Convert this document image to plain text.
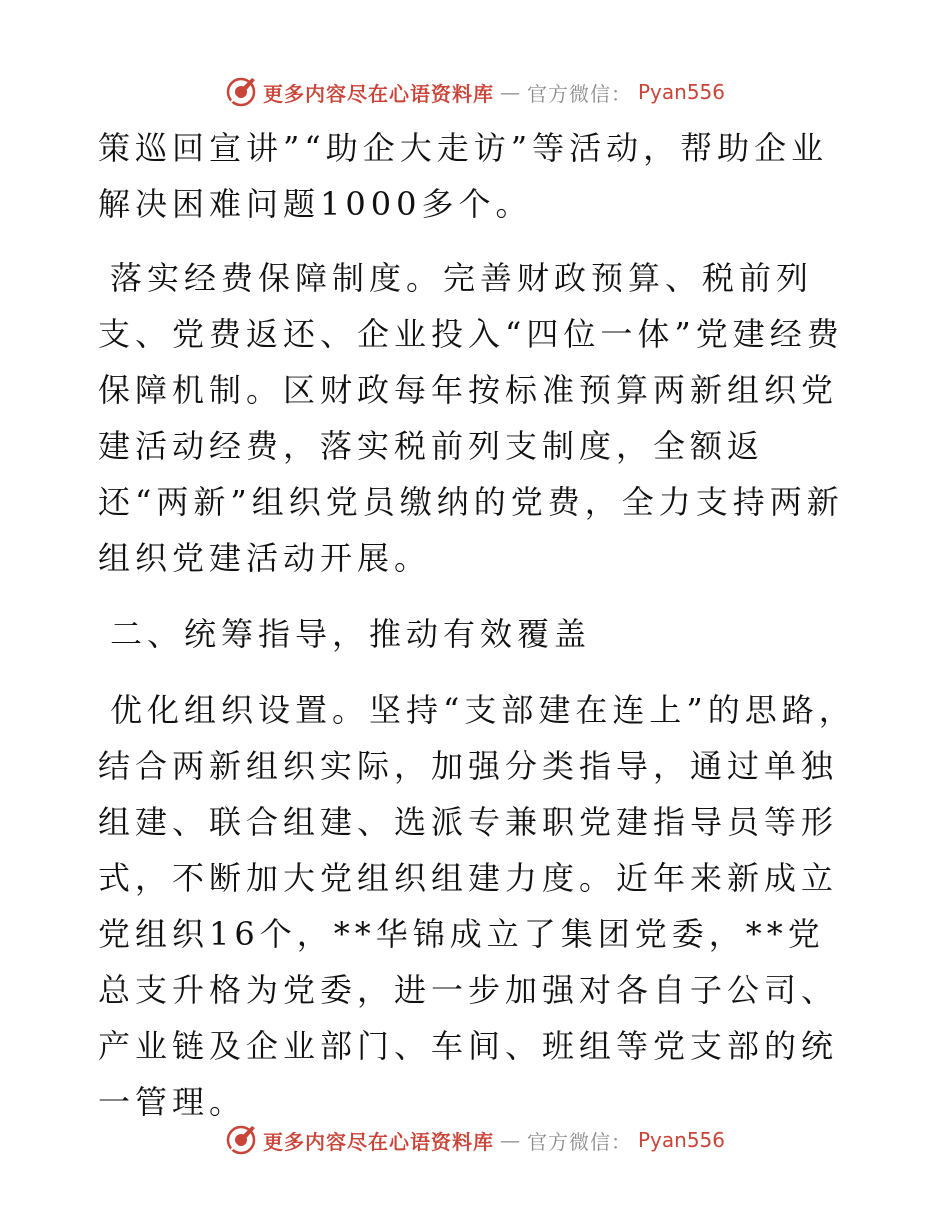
更多内容尽在心语资料库 — 官方微信： Pyan556

策巡回宣讲”“助企大走访”等活动，帮助企业解决困难问题1000多个。

落实经费保障制度。完善财政预算、税前列支、党费返还、企业投入“四位一体”党建经费保障机制。区财政每年按标准预算两新组织党建活动经费，落实税前列支制度，全额返还“两新”组织党员缴纳的党费，全力支持两新组织党建活动开展。

二、统筹指导，推动有效覆盖

优化组织设置。坚持“支部建在连上”的思路，结合两新组织实际，加强分类指导，通过单独组建、联合组建、选派专兼职党建指导员等形式，不断加大党组织组建力度。近年来新成立党组织16个，**华锦成立了集团党委，**党总支升格为党委，进一步加强对各自子公司、产业链及企业部门、车间、班组等党支部的统一管理。

更多内容尽在心语资料库 — 官方微信： Pyan556
